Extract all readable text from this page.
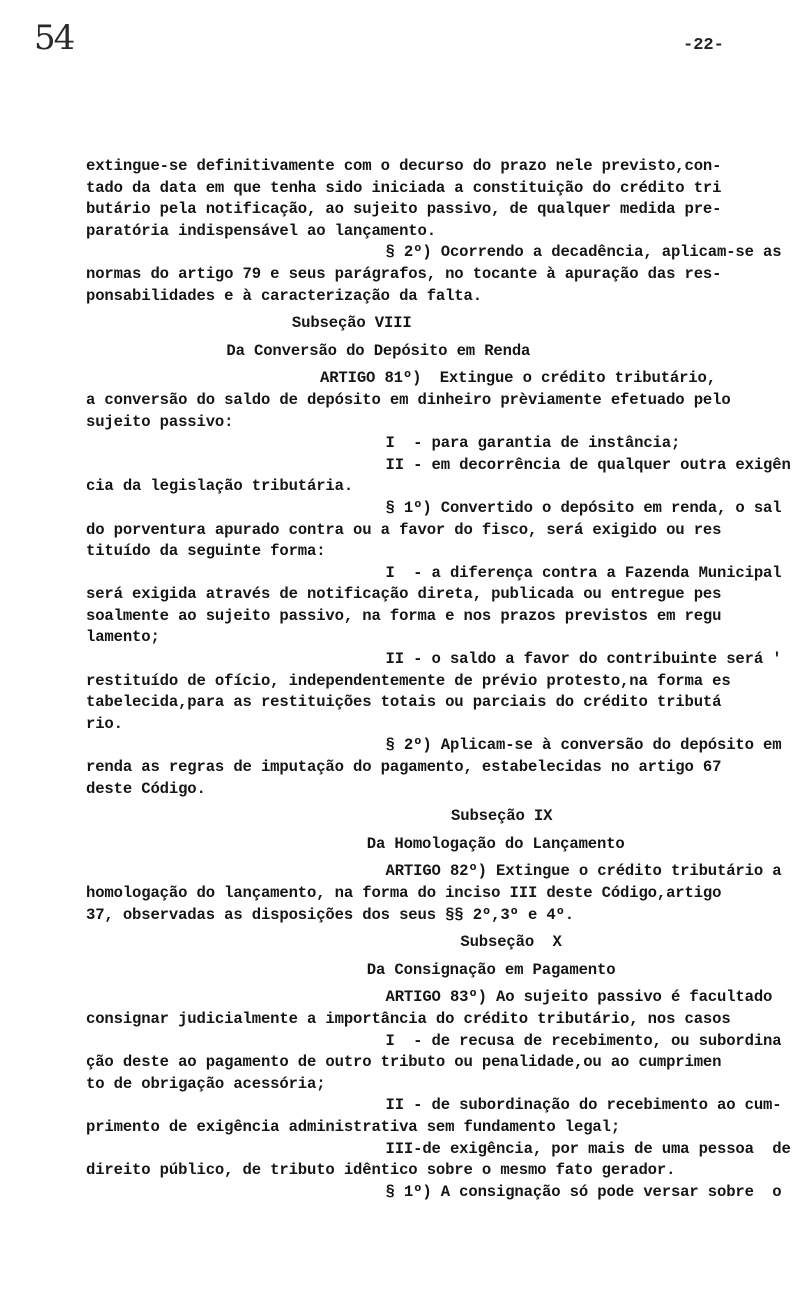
54	-22-
extingue-se definitivamente com o decurso do prazo nele previsto,con-
tado da data em que tenha sido iniciada a constituição do crédito tri
butário pela notificação, ao sujeito passivo, de qualquer medida pre-
paratória indispensável ao lançamento.
§ 2º) Ocorrendo a decadência, aplicam-se as
normas do artigo 79 e seus parágrafos, no tocante à apuração das res-
ponsabilidades e à caracterização da falta.
Subseção VIII
Da Conversão do Depósito em Renda
ARTIGO 81º)  Extingue o crédito tributário,
a conversão do saldo de depósito em dinheiro prèviamente efetuado pelo
sujeito passivo:
I  - para garantia de instância;
II - em decorrência de qualquer outra exigên
cia da legislação tributária.
§ 1º) Convertido o depósito em renda, o sal
do porventura apurado contra ou a favor do fisco, será exigido ou res
tituído da seguinte forma:
I  - a diferença contra a Fazenda Municipal
será exigida através de notificação direta, publicada ou entregue pes
soalmente ao sujeito passivo, na forma e nos prazos previstos em regu
lamento;
II - o saldo a favor do contribuinte será '
restituído de ofício, independentemente de prévio protesto,na forma es
tabelecida,para as restituições totais ou parciais do crédito tributá
rio.
§ 2º) Aplicam-se à conversão do depósito em
renda as regras de imputação do pagamento, estabelecidas no artigo 67
deste Código.
Subseção IX
Da Homologação do Lançamento
ARTIGO 82º) Extingue o crédito tributário a
homologação do lançamento, na forma do inciso III deste Código,artigo
37, observadas as disposições dos seus §§ 2º,3º e 4º.
Subseção  X
Da Consignação em Pagamento
ARTIGO 83º) Ao sujeito passivo é facultado
consignar judicialmente a importância do crédito tributário, nos casos
I  - de recusa de recebimento, ou subordina
ção deste ao pagamento de outro tributo ou penalidade,ou ao cumprimen
to de obrigação acessória;
II - de subordinação do recebimento ao cum-
primento de exigência administrativa sem fundamento legal;
III-de exigência, por mais de uma pessoa  de
direito público, de tributo idêntico sobre o mesmo fato gerador.
§ 1º) A consignação só pode versar sobre  o
